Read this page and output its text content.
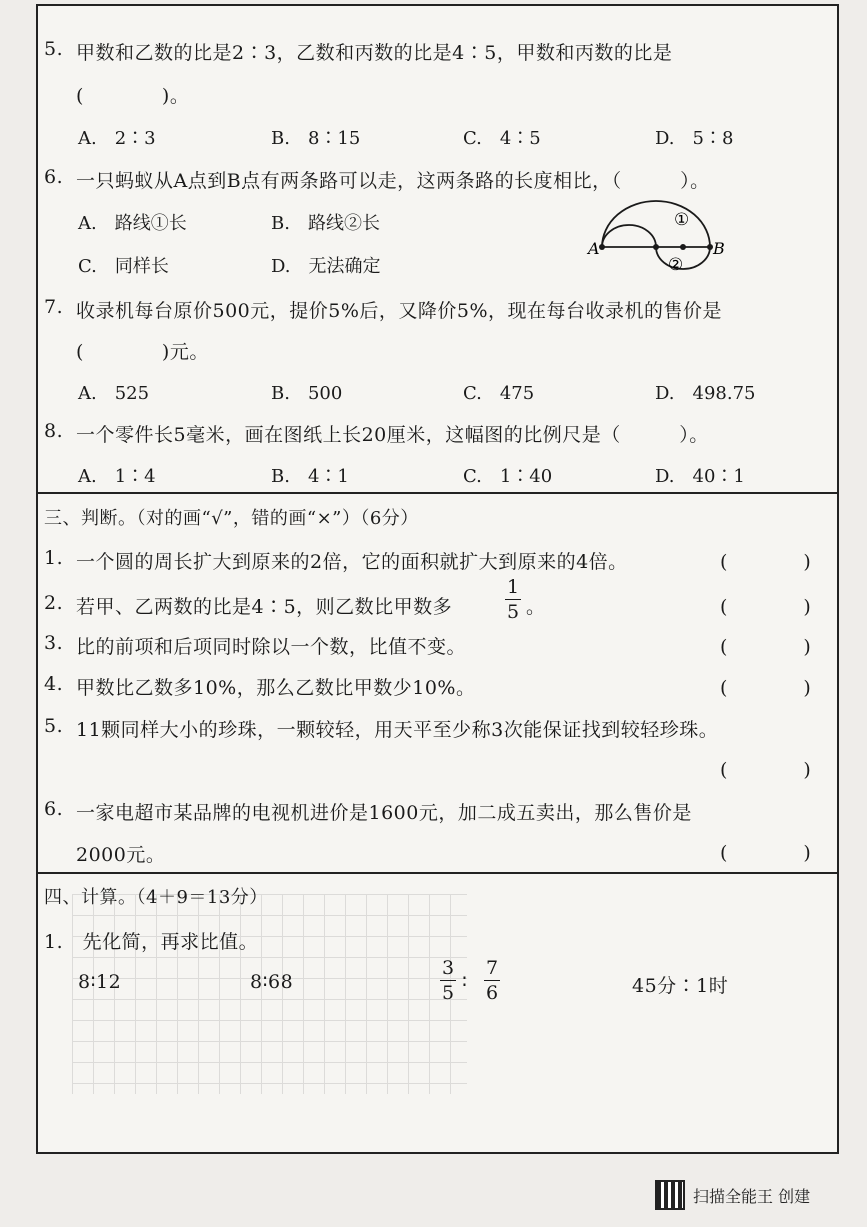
5. 甲数和乙数的比是2∶3，乙数和丙数的比是4∶5，甲数和丙数的比是
(　　　　)。
A.　2∶3	B.　8∶15	C.　4∶5	D.　5∶8
6. 一只蚂蚁从A点到B点有两条路可以走，这两条路的长度相比，（　　　）。
A.　路线①长	B.　路线②长
C.　同样长	D.　无法确定
A	B
①
②
7. 收录机每台原价500元，提价5%后，又降价5%，现在每台收录机的售价是
(　　　　)元。
A.　525	B.　500	C.　475	D.　498.75
8. 一个零件长5毫米，画在图纸上长20厘米，这幅图的比例尺是（　　　）。
A.　1∶4	B.　4∶1	C.　1∶40	D.　40∶1
三、判断。（对的画“√”，错的画“×”）（6分）
1. 一个圆的周长扩大到原来的2倍，它的面积就扩大到原来的4倍。	(　　　　)
2. 若甲、乙两数的比是4∶5，则乙数比甲数多
1
5 。	(　　　　)
3. 比的前项和后项同时除以一个数，比值不变。	(　　　　)
4. 甲数比乙数多10%，那么乙数比甲数少10%。	(　　　　)
5. 11颗同样大小的珍珠，一颗较轻，用天平至少称3次能保证找到较轻珍珠。
(　　　　)
6. 一家电超市某品牌的电视机进价是1600元，加二成五卖出，那么售价是
2000元。	(　　　　)
四、计算。（4＋9＝13分）
1.　先化简，再求比值。
8∶12	8∶68
3
5 ∶
7
6	45分∶1时
扫描全能王 创建
